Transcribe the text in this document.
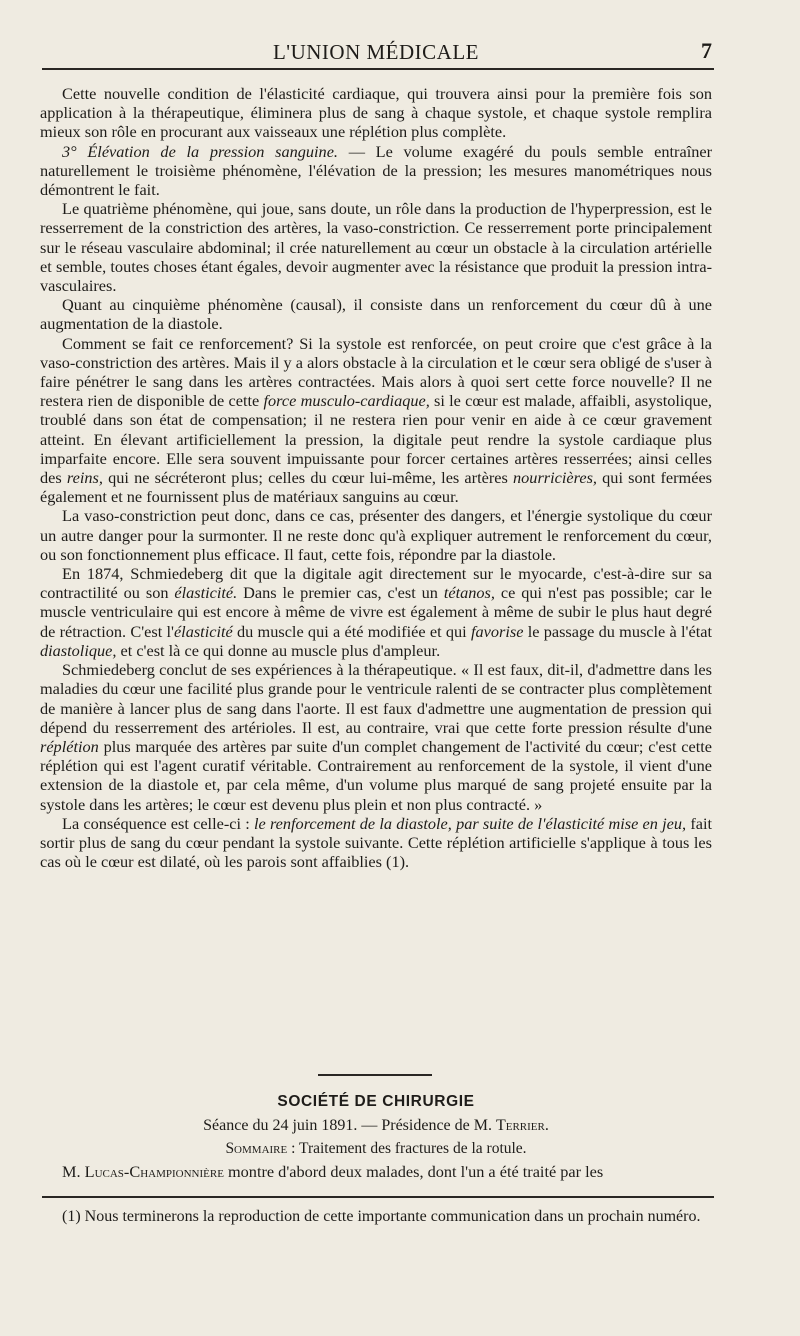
L'UNION MÉDICALE	7

Cette nouvelle condition de l'élasticité cardiaque, qui trouvera ainsi pour la première fois son application à la thérapeutique, éliminera plus de sang à chaque systole, et chaque systole remplira mieux son rôle en procurant aux vaisseaux une réplétion plus complète.

3° Élévation de la pression sanguine. — Le volume exagéré du pouls semble entraîner naturellement le troisième phénomène, l'élévation de la pression; les mesures manométriques nous démontrent le fait.

Le quatrième phénomène, qui joue, sans doute, un rôle dans la production de l'hyperpression, est le resserrement de la constriction des artères, la vaso-constriction. Ce resserrement porte principalement sur le réseau vasculaire abdominal; il crée naturellement au cœur un obstacle à la circulation artérielle et semble, toutes choses étant égales, devoir augmenter avec la résistance que produit la pression intra-vasculaires.

Quant au cinquième phénomène (causal), il consiste dans un renforcement du cœur dû à une augmentation de la diastole.

Comment se fait ce renforcement? Si la systole est renforcée, on peut croire que c'est grâce à la vaso-constriction des artères. Mais il y a alors obstacle à la circulation et le cœur sera obligé de s'user à faire pénétrer le sang dans les artères contractées. Mais alors à quoi sert cette force nouvelle? Il ne restera rien de disponible de cette force musculo-cardiaque, si le cœur est malade, affaibli, asystolique, troublé dans son état de compensation; il ne restera rien pour venir en aide à ce cœur gravement atteint. En élevant artificiellement la pression, la digitale peut rendre la systole cardiaque plus imparfaite encore. Elle sera souvent impuissante pour forcer certaines artères resserrées; ainsi celles des reins, qui ne sécréteront plus; celles du cœur lui-même, les artères nourricières, qui sont fermées également et ne fournissent plus de matériaux sanguins au cœur.

La vaso-constriction peut donc, dans ce cas, présenter des dangers, et l'énergie systolique du cœur un autre danger pour la surmonter. Il ne reste donc qu'à expliquer autrement le renforcement du cœur, ou son fonctionnement plus efficace. Il faut, cette fois, répondre par la diastole.

En 1874, Schmiedeberg dit que la digitale agit directement sur le myocarde, c'est-à-dire sur sa contractilité ou son élasticité. Dans le premier cas, c'est un tétanos, ce qui n'est pas possible; car le muscle ventriculaire qui est encore à même de vivre est également à même de subir le plus haut degré de rétraction. C'est l'élasticité du muscle qui a été modifiée et qui favorise le passage du muscle à l'état diastolique, et c'est là ce qui donne au muscle plus d'ampleur.

Schmiedeberg conclut de ses expériences à la thérapeutique. « Il est faux, dit-il, d'admettre dans les maladies du cœur une facilité plus grande pour le ventricule ralenti de se contracter plus complètement de manière à lancer plus de sang dans l'aorte. Il est faux d'admettre une augmentation de pression qui dépend du resserrement des artérioles. Il est, au contraire, vrai que cette forte pression résulte d'une réplétion plus marquée des artères par suite d'un complet changement de l'activité du cœur; c'est cette réplétion qui est l'agent curatif véritable. Contrairement au renforcement de la systole, il vient d'une extension de la diastole et, par cela même, d'un volume plus marqué de sang projeté ensuite par la systole dans les artères; le cœur est devenu plus plein et non plus contracté. »

La conséquence est celle-ci : le renforcement de la diastole, par suite de l'élasticité mise en jeu, fait sortir plus de sang du cœur pendant la systole suivante. Cette réplétion artificielle s'applique à tous les cas où le cœur est dilaté, où les parois sont affaiblies (1).

SOCIÉTÉ DE CHIRURGIE
Séance du 24 juin 1891. — Présidence de M. Terrier.
Sommaire : Traitement des fractures de la rotule.
M. Lucas-Championnière montre d'abord deux malades, dont l'un a été traité par les
(1) Nous terminerons la reproduction de cette importante communication dans un prochain numéro.
